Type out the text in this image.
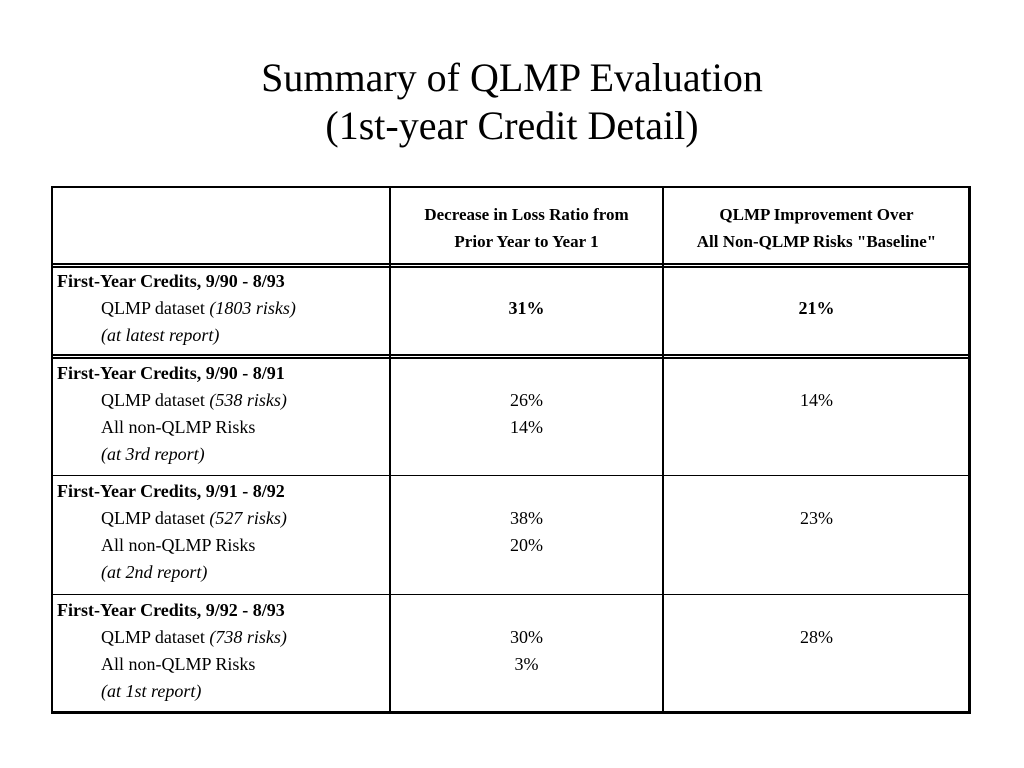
Summary of QLMP Evaluation
(1st-year Credit Detail)
Decrease in Loss Ratio from
Prior Year to Year 1
QLMP Improvement Over
All Non-QLMP Risks "Baseline"
First-Year Credits, 9/90 - 8/93
QLMP dataset (1803 risks)
(at latest report)
31%	21%
First-Year Credits, 9/90 - 8/91
QLMP dataset (538 risks)
All non-QLMP Risks
(at 3rd report)
26%
14%
14%
First-Year Credits, 9/91 - 8/92
QLMP dataset (527 risks)
All non-QLMP Risks
(at 2nd report)
38%
20%
23%
First-Year Credits, 9/92 - 8/93
QLMP dataset (738 risks)
All non-QLMP Risks
(at 1st report)
30%
3%
28%
